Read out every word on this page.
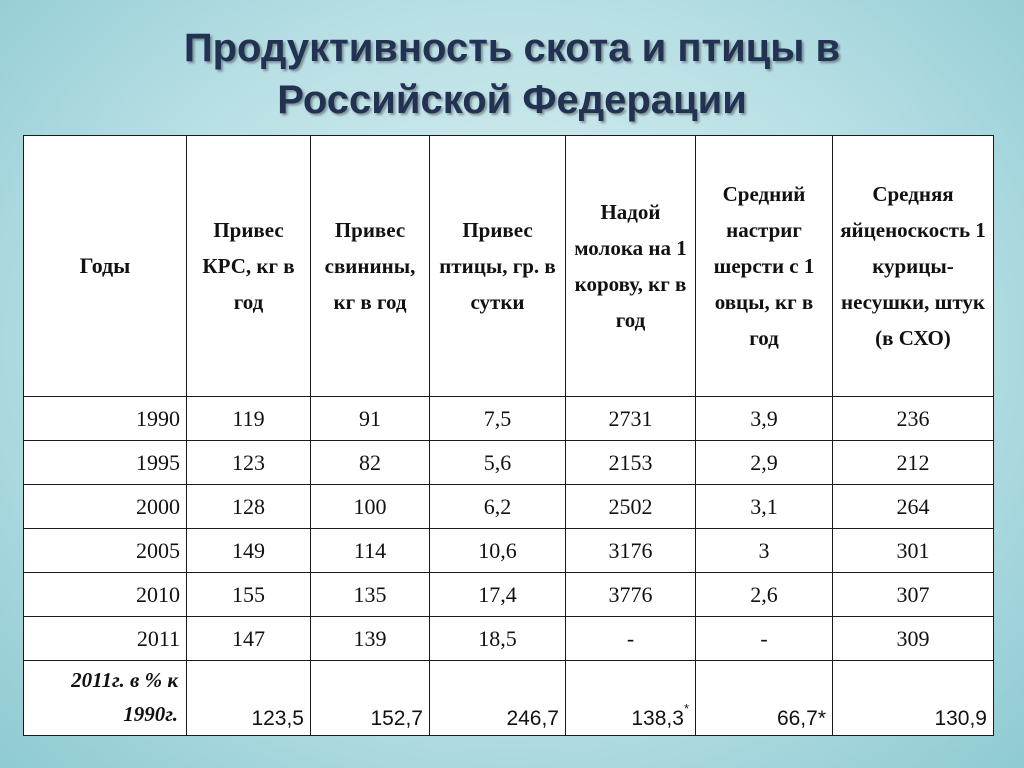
Продуктивность скота и птицы в
Российской Федерации
Годы	Привес КРС, кг в год	Привес свинины, кг в год	Привес птицы, гр. в сутки	Надой молока на 1 корову, кг в год	Средний настриг шерсти с 1 овцы, кг в год	Средняя яйценоскость 1 курицы-несушки, штук (в СХО)
1990	119	91	7,5	2731	3,9	236
1995	123	82	5,6	2153	2,9	212
2000	128	100	6,2	2502	3,1	264
2005	149	114	10,6	3176	3	301
2010	155	135	17,4	3776	2,6	307
2011	147	139	18,5	-	-	309
2011г. в % к 1990г.	123,5	152,7	246,7	138,3*	66,7*	130,9
